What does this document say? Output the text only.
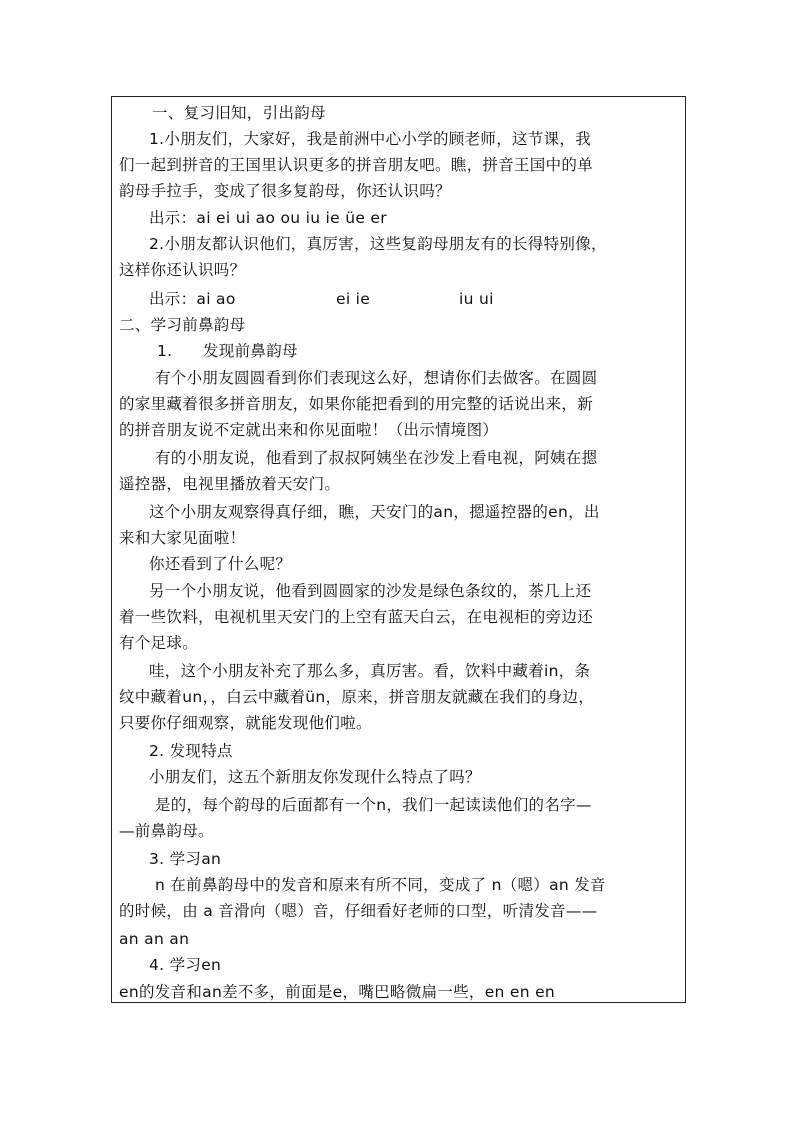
一、复习旧知，引出韵母
1.小朋友们，大家好，我是前洲中心小学的顾老师，这节课，我
们一起到拼音的王国里认识更多的拼音朋友吧。瞧，拼音王国中的单
韵母手拉手，变成了很多复韵母，你还认识吗？
出示：ai ei ui ao ou iu ie üe er
2.小朋友都认识他们，真厉害，这些复韵母朋友有的长得特别像，
这样你还认识吗？
出示：ai ao	ei ie	iu ui
二、学习前鼻韵母
1. 发现前鼻韵母
有个小朋友圆圆看到你们表现这么好，想请你们去做客。在圆圆
的家里藏着很多拼音朋友，如果你能把看到的用完整的话说出来，新
的拼音朋友说不定就出来和你见面啦！（出示情境图）
有的小朋友说，他看到了叔叔阿姨坐在沙发上看电视，阿姨在摁
遥控器，电视里播放着天安门。
这个小朋友观察得真仔细，瞧，天安门的an，摁遥控器的en，出
来和大家见面啦！
你还看到了什么呢？
另一个小朋友说，他看到圆圆家的沙发是绿色条纹的，茶几上还
着一些饮料，电视机里天安门的上空有蓝天白云，在电视柜的旁边还
有个足球。
哇，这个小朋友补充了那么多，真厉害。看，饮料中藏着in，条
纹中藏着un，，白云中藏着ün，原来，拼音朋友就藏在我们的身边，
只要你仔细观察，就能发现他们啦。
2. 发现特点
小朋友们，这五个新朋友你发现什么特点了吗？
是的，每个韵母的后面都有一个n，我们一起读读他们的名字—
—前鼻韵母。
3. 学习an
n 在前鼻韵母中的发音和原来有所不同，变成了 n（嗯）an 发音
的时候，由 a 音滑向（嗯）音，仔细看好老师的口型，听清发音——
an an an
4. 学习en
en的发音和an差不多，前面是e，嘴巴略微扁一些，en en en
